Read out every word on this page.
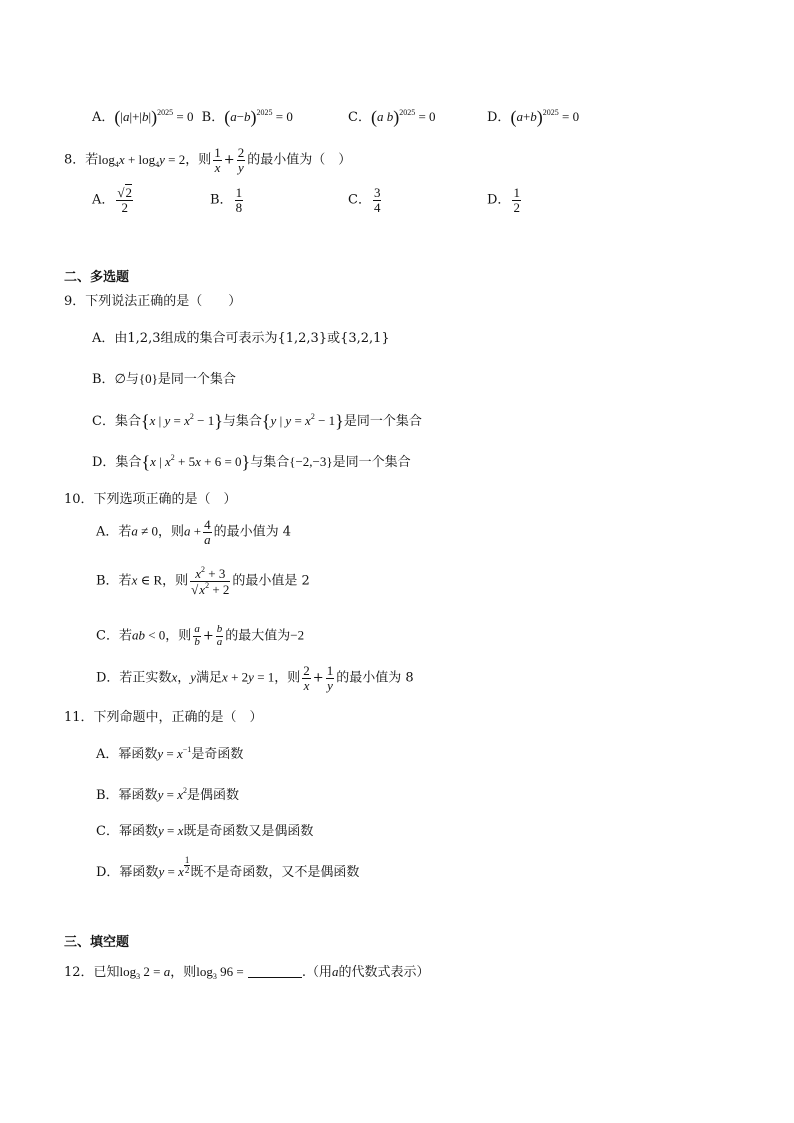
A．$(|a|+|b|)^{2025} = 0$ B．$(a-b)^{2025} = 0$	C．(a b)$^{2025}$ = 0	D．$(a+b)^{2025} = 0$
8．若$\log_4x + \log_4y = 2$，则 $\frac{1}{x} + \frac{2}{y}$ 的最小值为（　）
A． $\frac{√2}{2}$	B． $\frac{1}{8}$	C． $\frac{3}{4}$	D． $\frac{1}{2}$
二、多选题
9．下列说法正确的是（　　）
A．由1,2,3组成的集合可表示为{1,2,3}或{3,2,1}
B．∅与{0}是同一个集合
C．集合{x | $y = x^2 - 1$}与集合{y | $y = x^2 - 1$}是同一个集合
D．集合{x | $x^2 + 5x + 6 = 0$}与集合{−2,−3}是同一个集合
10．下列选项正确的是（　）
A．若a ≠ 0，则$a + \frac{4}{a}$ 的最小值为 4
B．若x ∈ R，则 $\frac{x^2 + 3}{√x^2 + 2}$ 的最小值是 2
C．若ab < 0，则 $\frac{a}{b} + \frac{b}{a}$ 的最大值为−2
D．若正实数x，y满足x + 2y = 1，则 $\frac{2}{x} + \frac{1}{y}$ 的最小值为 8
11．下列命题中，正确的是（　）
A．幂函数$y = x^{-1}$是奇函数
B．幂函数$y = x^2$是偶函数
C．幂函数y = x既是奇函数又是偶函数
D．幂函数y = x $^{\frac{1}{2}}$ 既不是奇函数，又不是偶函数
三、填空题
12．已知$\log_3 2 = a$，则$\log_3 96$ =	.（用a的代数式表示）
